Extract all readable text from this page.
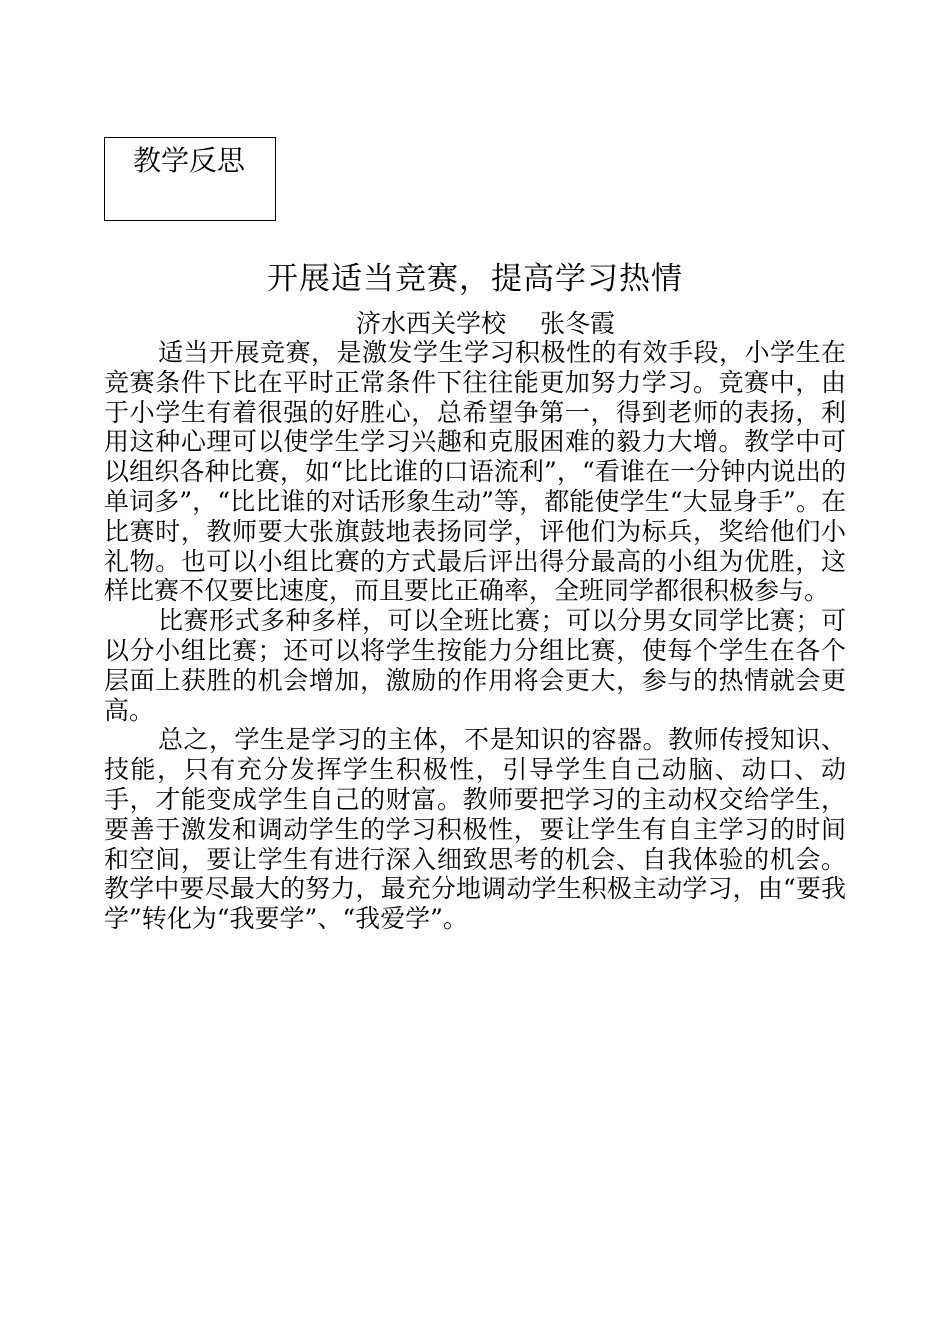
教学反思
开展适当竞赛，提高学习热情
济水西关学校 张冬霞

适当开展竞赛，是激发学生学习积极性的有效手段，小学生在竞赛条件下比在平时正常条件下往往能更加努力学习。竞赛中，由于小学生有着很强的好胜心，总希望争第一，得到老师的表扬，利用这种心理可以使学生学习兴趣和克服困难的毅力大增。教学中可以组织各种比赛，如“比比谁的口语流利”，“看谁在一分钟内说出的单词多”，“比比谁的对话形象生动”等，都能使学生“大显身手”。在比赛时，教师要大张旗鼓地表扬同学，评他们为标兵，奖给他们小礼物。也可以小组比赛的方式最后评出得分最高的小组为优胜，这样比赛不仅要比速度，而且要比正确率，全班同学都很积极参与。

比赛形式多种多样，可以全班比赛；可以分男女同学比赛；可以分小组比赛；还可以将学生按能力分组比赛，使每个学生在各个层面上获胜的机会增加，激励的作用将会更大，参与的热情就会更高。

总之，学生是学习的主体，不是知识的容器。教师传授知识、技能，只有充分发挥学生积极性，引导学生自己动脑、动口、动手，才能变成学生自己的财富。教师要把学习的主动权交给学生，要善于激发和调动学生的学习积极性，要让学生有自主学习的时间和空间，要让学生有进行深入细致思考的机会、自我体验的机会。教学中要尽最大的努力，最充分地调动学生积极主动学习，由“要我学”转化为“我要学”、“我爱学”。
